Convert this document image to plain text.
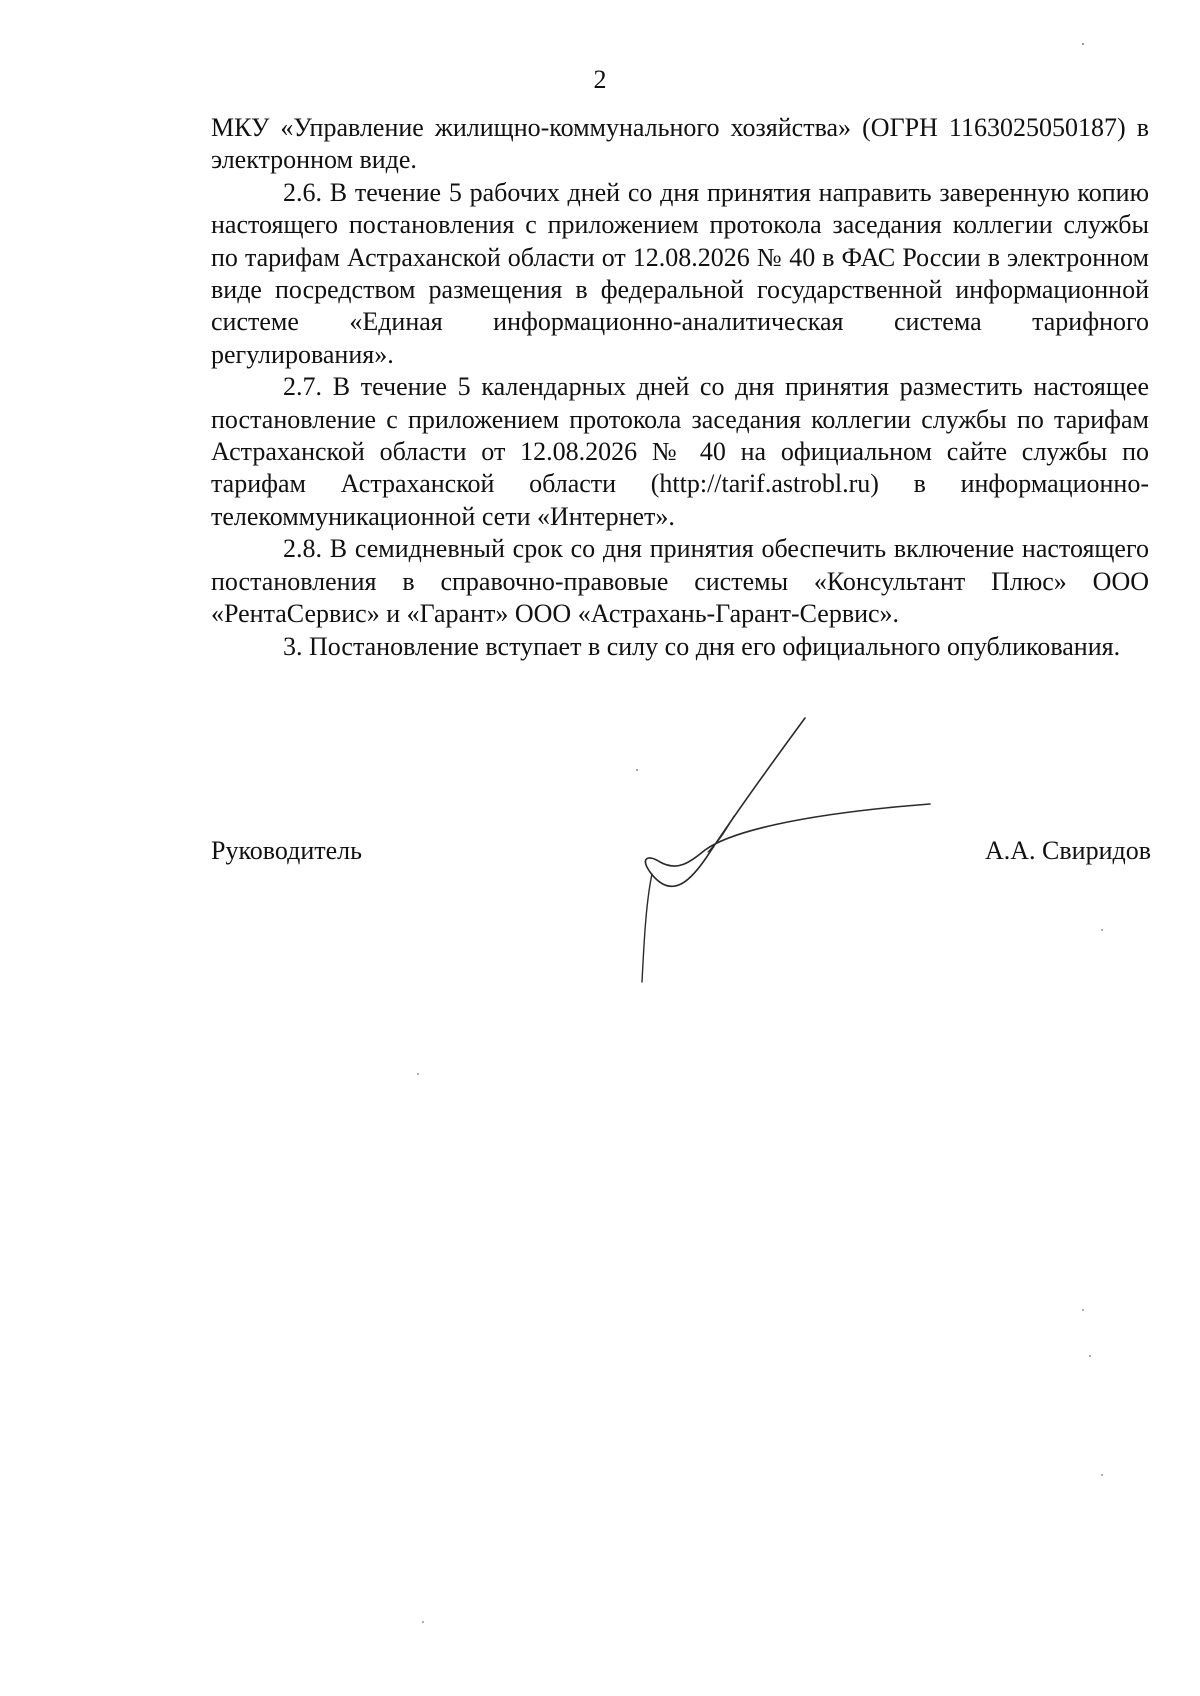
2

МКУ «Управление жилищно-коммунального хозяйства» (ОГРН 1163025050187) в электронном виде.

2.6. В течение 5 рабочих дней со дня принятия направить заверенную копию настоящего постановления с приложением протокола заседания коллегии службы по тарифам Астраханской области от 12.08.2026 № 40 в ФАС России в электронном виде посредством размещения в федеральной государственной информационной системе «Единая информационно-аналитическая система тарифного регулирования».

2.7. В течение 5 календарных дней со дня принятия разместить настоящее постановление с приложением протокола заседания коллегии службы по тарифам Астраханской области от 12.08.2026 № 40 на официальном сайте службы по тарифам Астраханской области (http://tarif.astrobl.ru) в информационно-телекоммуникационной сети «Интернет».

2.8. В семидневный срок со дня принятия обеспечить включение настоящего постановления в справочно-правовые системы «Консультант Плюс» ООО «РентаСервис» и «Гарант» ООО «Астрахань-Гарант-Сервис».

3. Постановление вступает в силу со дня его официального опубликования.

Руководитель	А.А. Свиридов
